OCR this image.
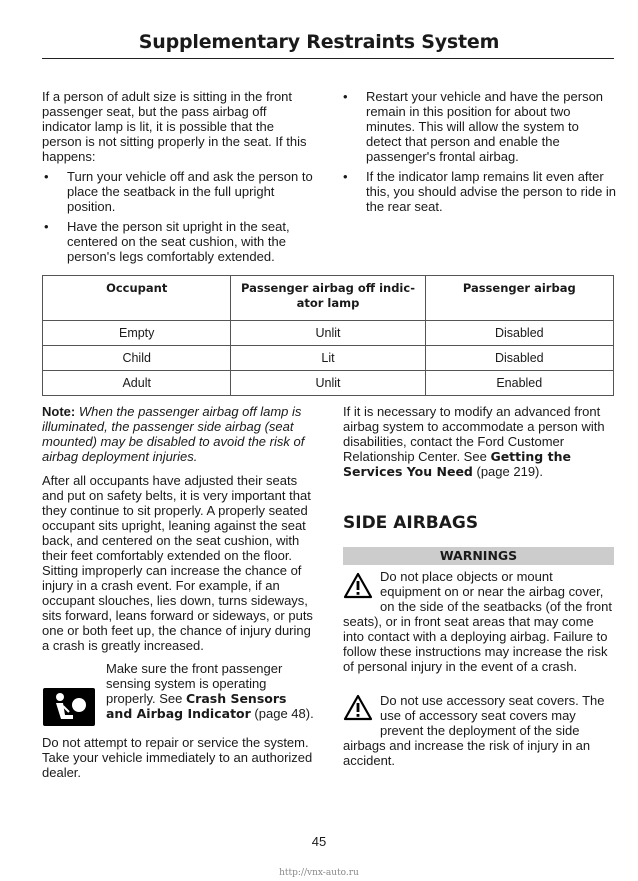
Supplementary Restraints System

If a person of adult size is sitting in the front passenger seat, but the pass airbag off indicator lamp is lit, it is possible that the person is not sitting properly in the seat. If this happens:

• Turn your vehicle off and ask the person to place the seatback in the full upright position.
• Have the person sit upright in the seat, centered on the seat cushion, with the person's legs comfortably extended.
• Restart your vehicle and have the person remain in this position for about two minutes. This will allow the system to detect that person and enable the passenger's frontal airbag.
• If the indicator lamp remains lit even after this, you should advise the person to ride in the rear seat.
Occupant	Passenger airbag off indic-ator lamp	Passenger airbag
Empty	Unlit	Disabled
Child	Lit	Disabled
Adult	Unlit	Enabled

Note: When the passenger airbag off lamp is illuminated, the passenger side airbag (seat mounted) may be disabled to avoid the risk of airbag deployment injuries.

After all occupants have adjusted their seats and put on safety belts, it is very important that they continue to sit properly. A properly seated occupant sits upright, leaning against the seat back, and centered on the seat cushion, with their feet comfortably extended on the floor. Sitting improperly can increase the chance of injury in a crash event. For example, if an occupant slouches, lies down, turns sideways, sits forward, leans forward or sideways, or puts one or both feet up, the chance of injury during a crash is greatly increased.

Make sure the front passenger sensing system is operating properly. See Crash Sensors and Airbag Indicator (page 48).

Do not attempt to repair or service the system. Take your vehicle immediately to an authorized dealer.

If it is necessary to modify an advanced front airbag system to accommodate a person with disabilities, contact the Ford Customer Relationship Center. See Getting the Services You Need (page 219).

SIDE AIRBAGS
WARNINGS

Do not place objects or mount equipment on or near the airbag cover, on the side of the seatbacks (of the front seats), or in front seat areas that may come into contact with a deploying airbag. Failure to follow these instructions may increase the risk of personal injury in the event of a crash.

Do not use accessory seat covers. The use of accessory seat covers may prevent the deployment of the side airbags and increase the risk of injury in an accident.

45
http://vnx-auto.ru
